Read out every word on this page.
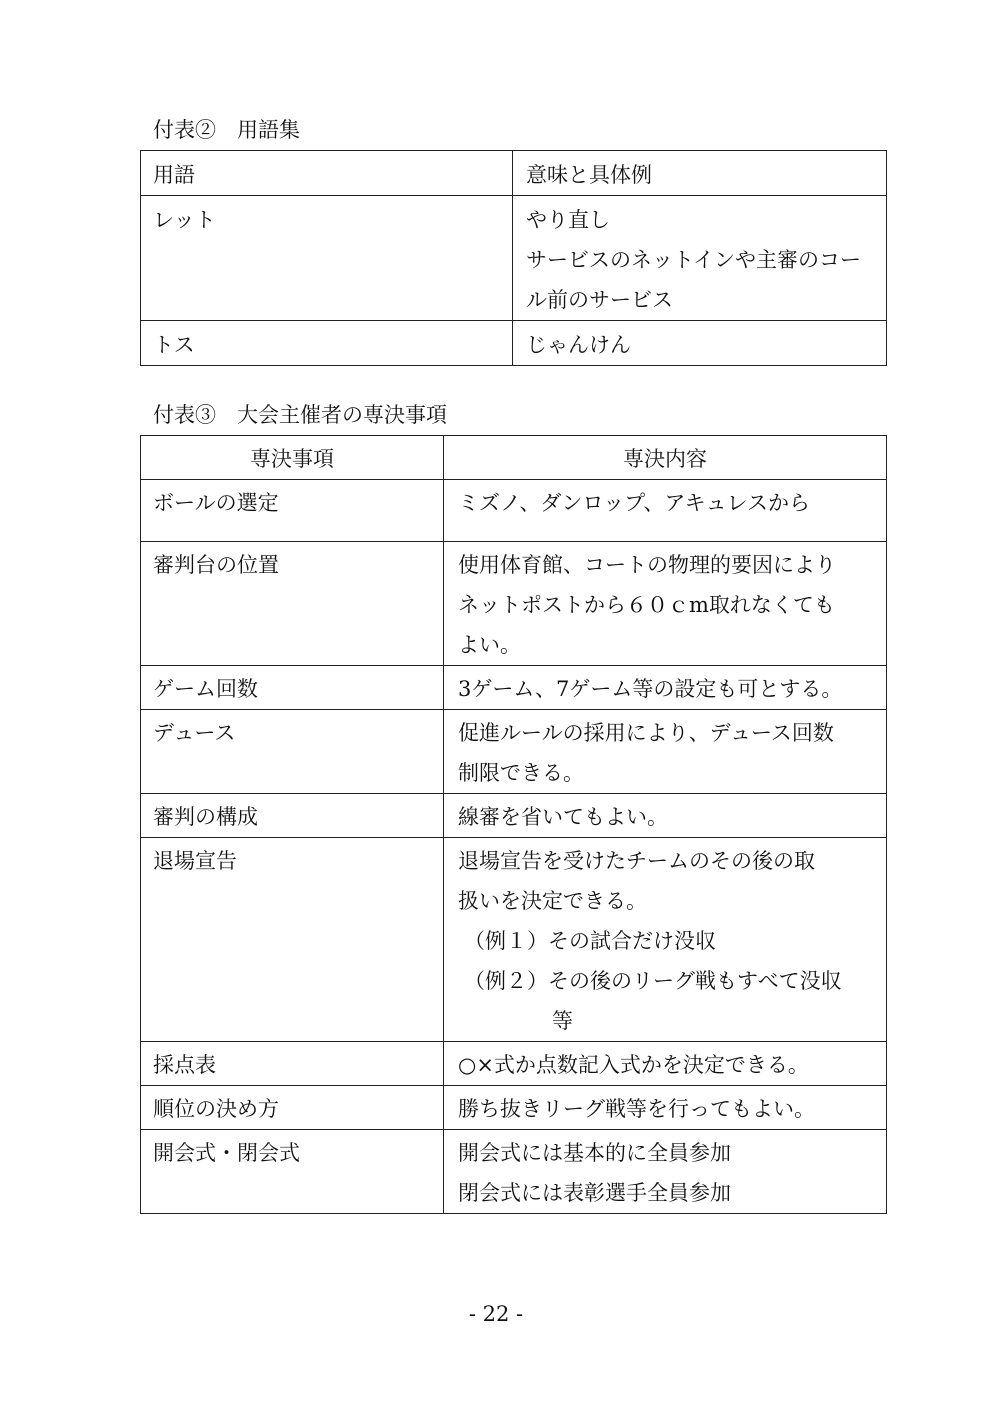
付表②　用語集
用語	意味と具体例

レット	やり直し
サービスのネットインや主審のコー
ル前のサービス

トス	じゃんけん
付表③　大会主催者の専決事項
専決事項	専決内容

ボールの選定	ミズノ、ダンロップ、アキュレスから

審判台の位置	使用体育館、コートの物理的要因により
ネットポストから６０ｃm取れなくても
よい。

ゲーム回数	3ゲーム、7ゲーム等の設定も可とする。

デュース	促進ルールの採用により、デュース回数
制限できる。

審判の構成	線審を省いてもよい。

退場宣告	退場宣告を受けたチームのその後の取
扱いを決定できる。
（例１）その試合だけ没収
（例２）その後のリーグ戦もすべて没収
等

採点表	○×式か点数記入式かを決定できる。

順位の決め方	勝ち抜きリーグ戦等を行ってもよい。

開会式・閉会式	開会式には基本的に全員参加
閉会式には表彰選手全員参加
- 22 -
